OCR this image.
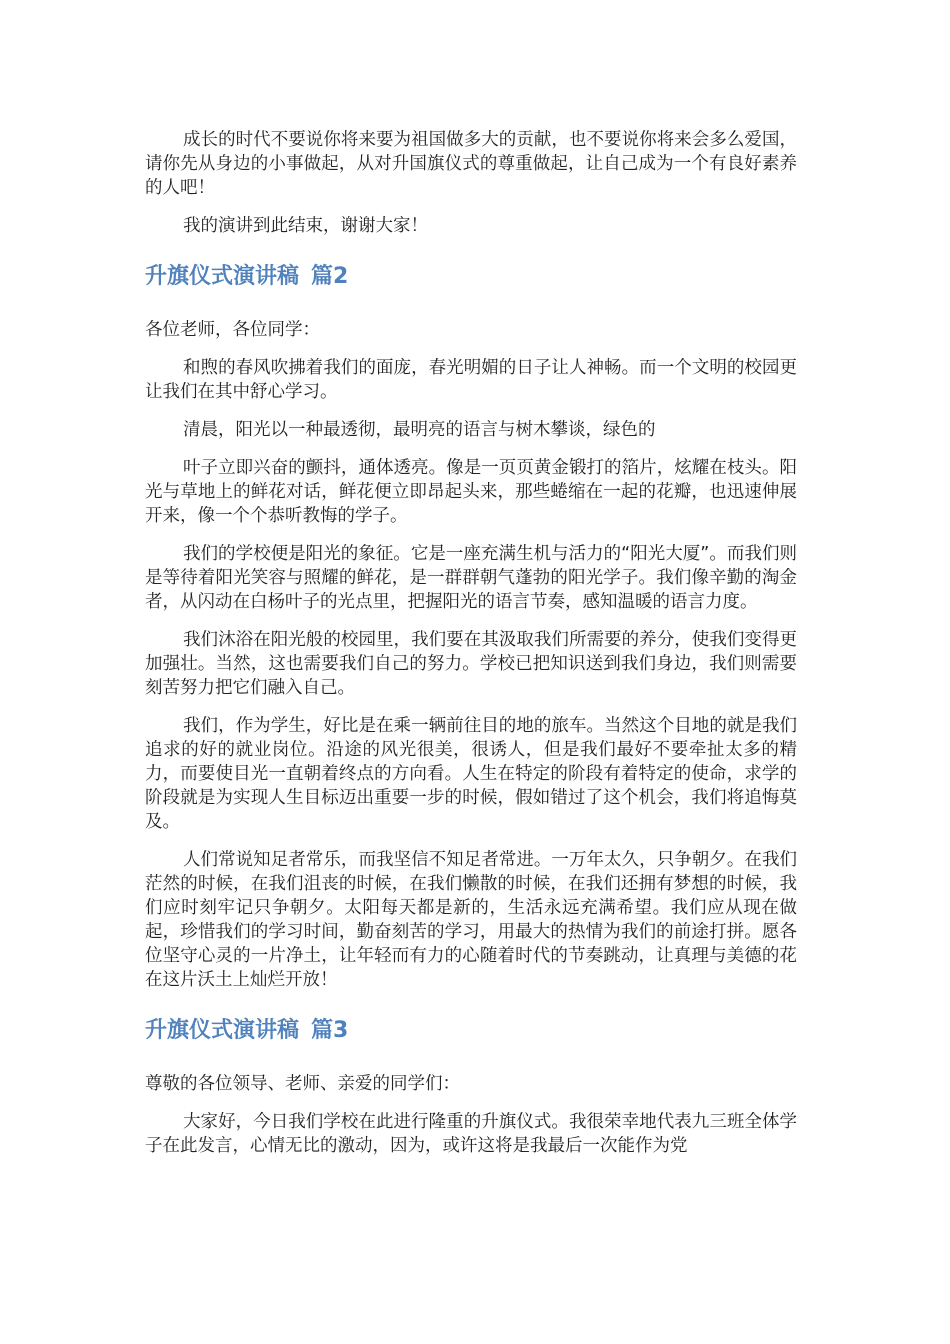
成长的时代不要说你将来要为祖国做多大的贡献，也不要说你将来会多么爱国，请你先从身边的小事做起，从对升国旗仪式的尊重做起，让自己成为一个有良好素养的人吧！

我的演讲到此结束，谢谢大家！

升旗仪式演讲稿 篇2

各位老师，各位同学：

和煦的春风吹拂着我们的面庞，春光明媚的日子让人神畅。而一个文明的校园更让我们在其中舒心学习。

清晨，阳光以一种最透彻，最明亮的语言与树木攀谈，绿色的

叶子立即兴奋的颤抖，通体透亮。像是一页页黄金锻打的箔片，炫耀在枝头。阳光与草地上的鲜花对话，鲜花便立即昂起头来，那些蜷缩在一起的花瓣，也迅速伸展开来，像一个个恭听教悔的学子。

我们的学校便是阳光的象征。它是一座充满生机与活力的“阳光大厦”。而我们则是等待着阳光笑容与照耀的鲜花，是一群群朝气蓬勃的阳光学子。我们像辛勤的淘金者，从闪动在白杨叶子的光点里，把握阳光的语言节奏，感知温暖的语言力度。

我们沐浴在阳光般的校园里，我们要在其汲取我们所需要的养分，使我们变得更加强壮。当然，这也需要我们自己的努力。学校已把知识送到我们身边，我们则需要刻苦努力把它们融入自己。

我们，作为学生，好比是在乘一辆前往目的地的旅车。当然这个目地的就是我们追求的好的就业岗位。沿途的风光很美，很诱人，但是我们最好不要牵扯太多的精力，而要使目光一直朝着终点的方向看。人生在特定的阶段有着特定的使命，求学的阶段就是为实现人生目标迈出重要一步的时候，假如错过了这个机会，我们将追悔莫及。

人们常说知足者常乐，而我坚信不知足者常进。一万年太久，只争朝夕。在我们茫然的时候，在我们沮丧的时候，在我们懒散的时候，在我们还拥有梦想的时候，我们应时刻牢记只争朝夕。太阳每天都是新的，生活永远充满希望。我们应从现在做起，珍惜我们的学习时间，勤奋刻苦的学习，用最大的热情为我们的前途打拼。愿各位坚守心灵的一片净土，让年轻而有力的心随着时代的节奏跳动，让真理与美德的花在这片沃土上灿烂开放！

升旗仪式演讲稿 篇3

尊敬的各位领导、老师、亲爱的同学们：

大家好，今日我们学校在此进行隆重的升旗仪式。我很荣幸地代表九三班全体学子在此发言，心情无比的激动，因为，或许这将是我最后一次能作为党
